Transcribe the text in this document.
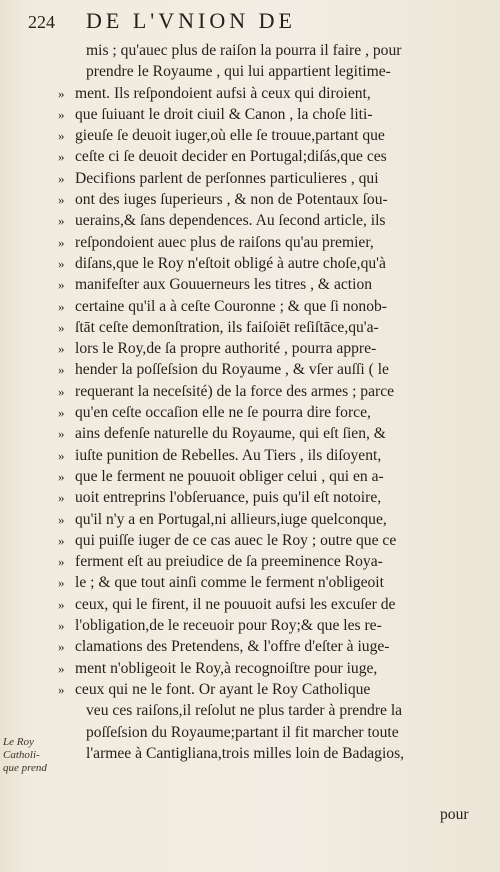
224	DE L'VNION DE
mis ; qu'auec plus de raiſon la pourra il faire , pour
prendre le Royaume , qui lui appartient legitime-
» ment. Ils reſpondoient aufsi à ceux qui diroient,
» que ſuiuant le droit ciuil & Canon , la choſe liti-
» gieuſe ſe deuoit iuger,où elle ſe trouue,partant que
» ceſte ci ſe deuoit decider en Portugal;diſás,que ces
» Decifions parlent de perſonnes particulieres , qui
» ont des iuges ſuperieurs , & non de Potentaux ſou-
» uerains,& ſans dependences. Au ſecond article, ils
» reſpondoient auec plus de raiſons qu'au premier,
» diſans,que le Roy n'eſtoit obligé à autre choſe,qu'à
» manifeſter aux Gouuerneurs les titres , & action
» certaine qu'il a à ceſte Couronne ; & que ſi nonob-
» ſtāt ceſte demonſtration, ils faiſoiēt reſiſtāce,qu'a-
» lors le Roy,de ſa propre authorité , pourra appre-
» hender la poſſeſsion du Royaume , & vſer auſſi ( le
» requerant la neceſsité) de la force des armes ; parce
» qu'en ceſte occaſion elle ne ſe pourra dire force,
» ains defenſe naturelle du Royaume, qui eſt ſien, &
» iuſte punition de Rebelles. Au Tiers , ils diſoyent,
» que le ferment ne pouuoit obliger celui , qui en a-
» uoit entreprins l'obſeruance, puis qu'il eſt notoire,
» qu'il n'y a en Portugal,ni allieurs,iuge quelconque,
» qui puiſſe iuger de ce cas auec le Roy ; outre que ce
» ferment eſt au preiudice de ſa preeminence Roya-
» le ; & que tout ainſi comme le ferment n'obligeoit
» ceux, qui le firent, il ne pouuoit aufsi les excuſer de
» l'obligation,de le receuoir pour Roy;& que les re-
» clamations des Pretendens, & l'offre d'eſter à iuge-
» ment n'obligeoit le Roy,à recognoiſtre pour iuge,
» ceux qui ne le font. Or ayant le Roy Catholique
veu ces raiſons,il reſolut ne plus tarder à prendre la
poſſeſsion du Royaume;partant il fit marcher toute
l'armee à Cantigliana,trois milles loin de Badagios,
Le Roy
Catholi-
que prend
pour
